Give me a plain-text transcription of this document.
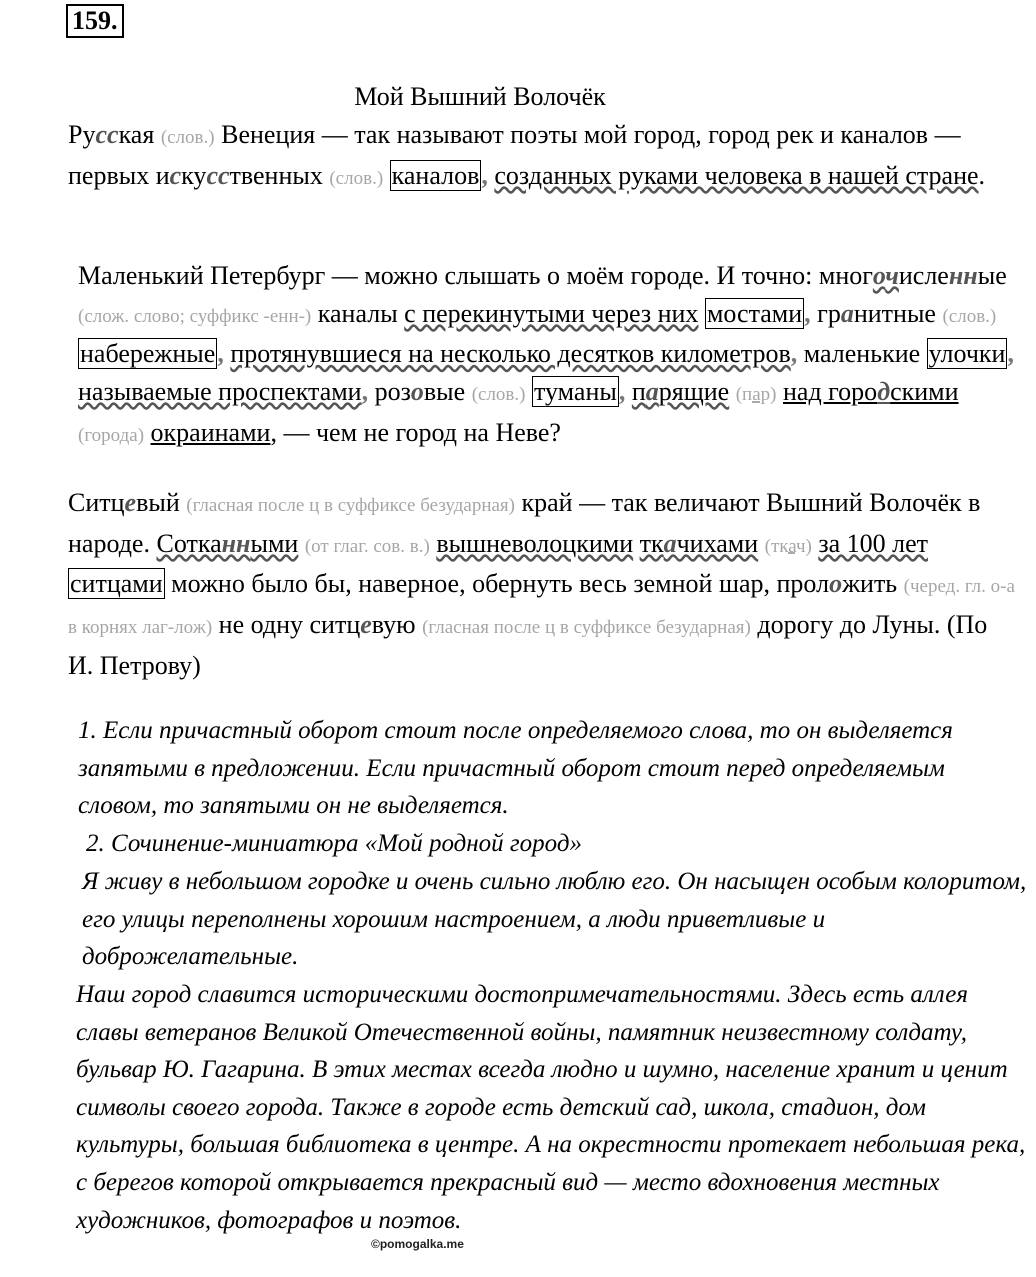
159.
Мой Вышний Волочёк

Русская (слов.) Венеция — так называют поэты мой город, город рек и каналов — первых искусственных (слов.) каналов, созданных руками человека в нашей стране.

Маленький Петербург — можно слышать о моём городе. И точно: многочисленные (слож. слово; суффикс -енн-) каналы с перекинутыми через них мостами, гранитные (слов.) набережные, протянувшиеся на несколько десятков километров, маленькие улочки, называемые проспектами, розовые (слов.) туманы, парящие (пар) над городскими (города) окраинами, — чем не город на Неве?

Ситцевый (гласная после ц в суффиксе безударная) край — так величают Вышний Волочёк в народе. Сотканными (от глаг. сов. в.) вышневолоцкими ткачихами (ткач) за 100 лет ситцами можно было бы, наверное, обернуть весь земной шар, проложить (черед. гл. о-а в корнях лаг-лож) не одну ситцевую (гласная после ц в суффиксе безударная) дорогу до Луны. (По И. Петрову)

1. Если причастный оборот стоит после определяемого слова, то он выделяется запятыми в предложении. Если причастный оборот стоит перед определяемым словом, то запятыми он не выделяется.

2. Сочинение-миниатюра «Мой родной город»

Я живу в небольшом городке и очень сильно люблю его. Он насыщен особым колоритом, его улицы переполнены хорошим настроением, а люди приветливые и доброжелательные.

Наш город славится историческими достопримечательностями. Здесь есть аллея славы ветеранов Великой Отечественной войны, памятник неизвестному солдату, бульвар Ю. Гагарина. В этих местах всегда людно и шумно, население хранит и ценит символы своего города. Также в городе есть детский сад, школа, стадион, дом культуры, большая библиотека в центре. А на окрестности протекает небольшая река, с берегов которой открывается прекрасный вид — место вдохновения местных художников, фотографов и поэтов.

©pomogalka.me
